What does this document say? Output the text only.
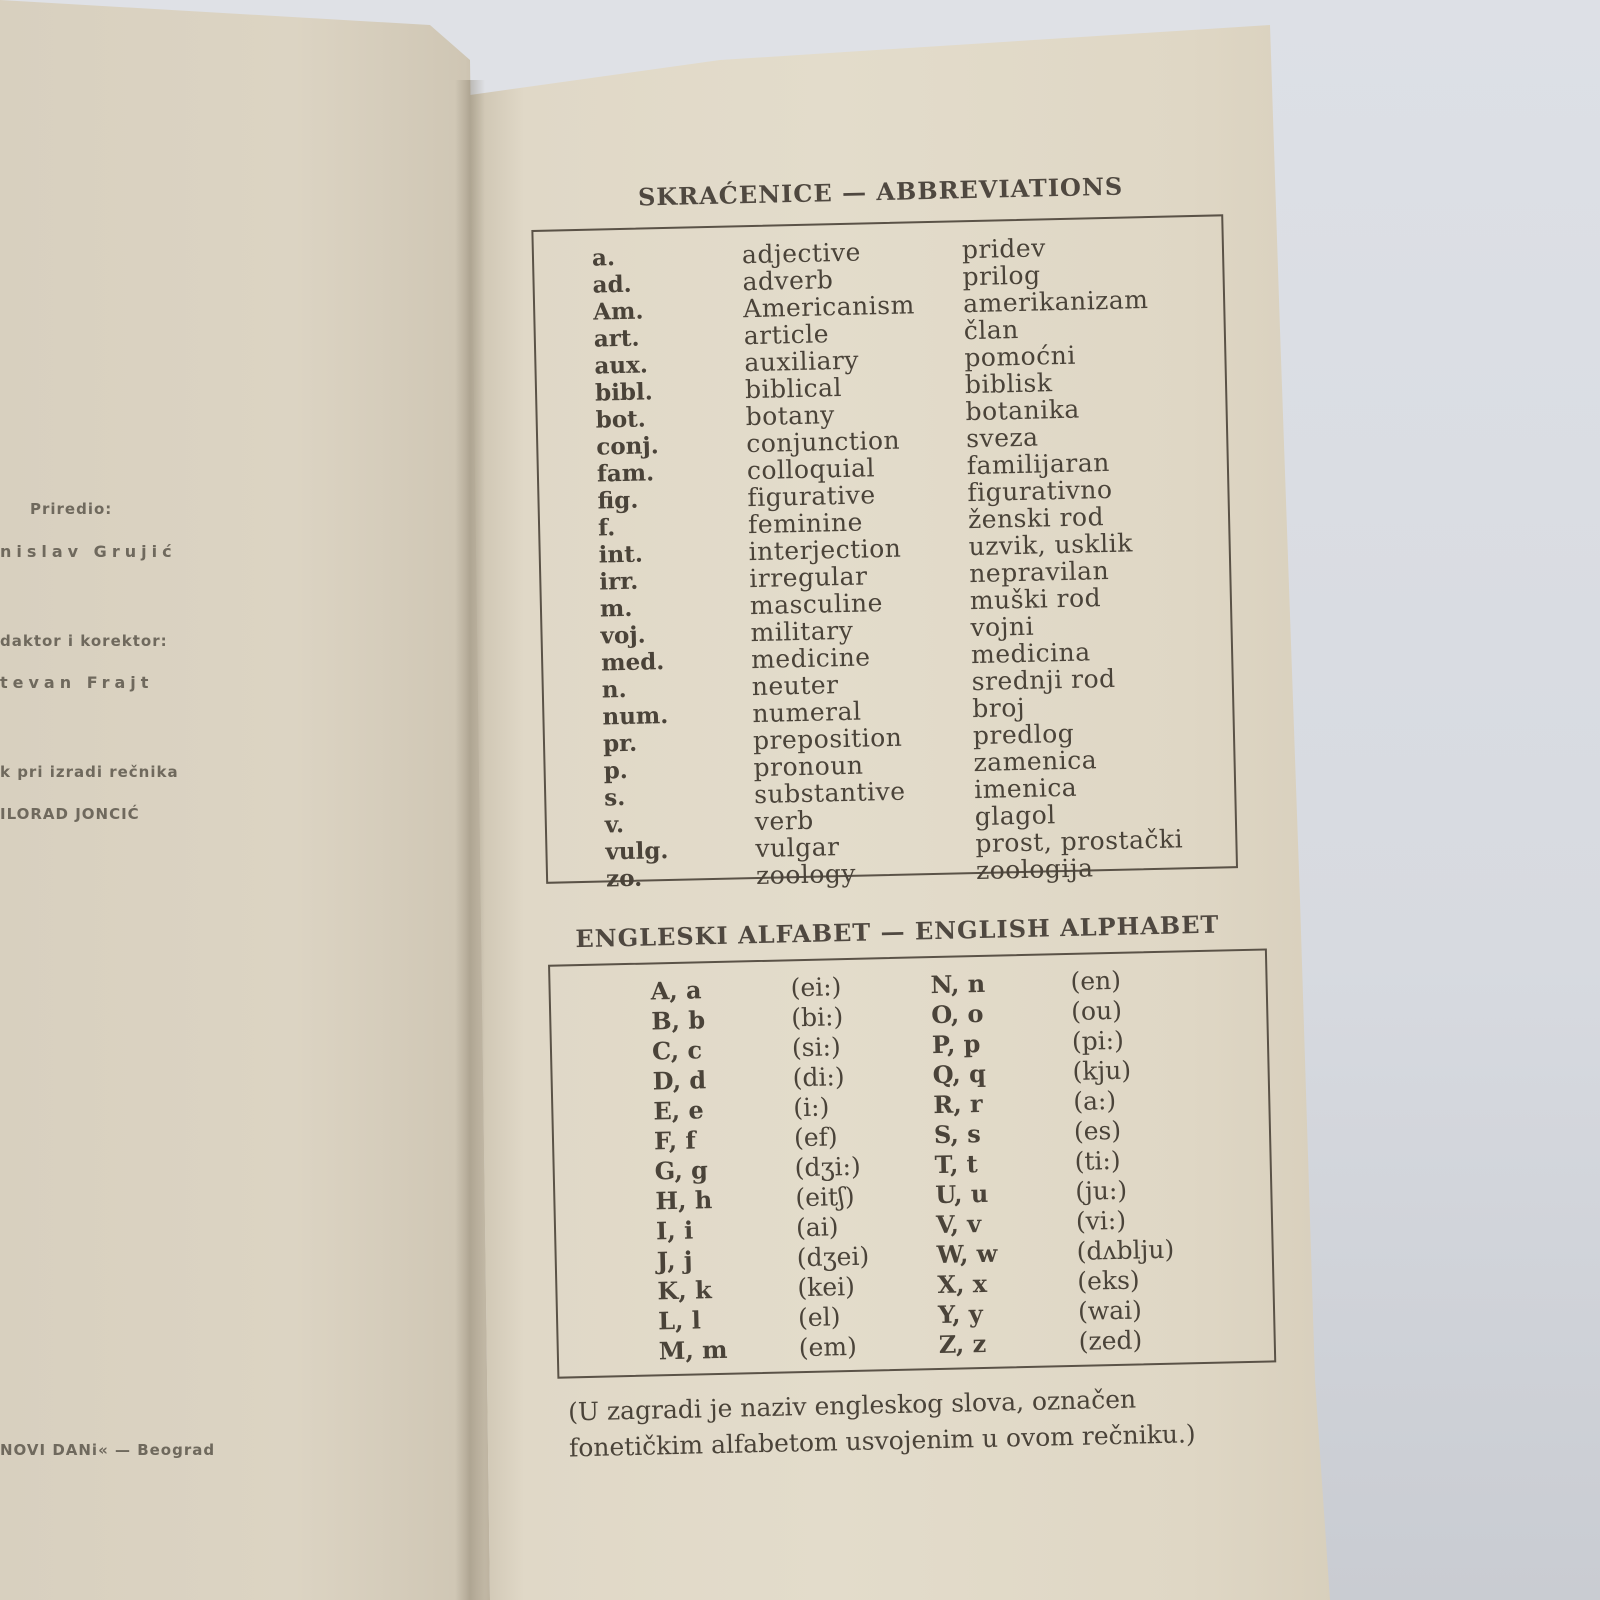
Priredio:
nislav Grujić
daktor i korektor:
tevan Frajt
k pri izradi rečnika
ILORAD JONCIĆ
NOVI DANi« — Beograd
SKRAĆENICE — ABBREVIATIONS
a.	adjective	pridev
ad.	adverb	prilog
Am.	Americanism	amerikanizam
art.	article	član
aux.	auxiliary	pomoćni
bibl.	biblical	biblisk
bot.	botany	botanika
conj.	conjunction	sveza
fam.	colloquial	familijaran
fig.	figurative	figurativno
f.	feminine	ženski rod
int.	interjection	uzvik, usklik
irr.	irregular	nepravilan
m.	masculine	muški rod
voj.	military	vojni
med.	medicine	medicina
n.	neuter	srednji rod
num.	numeral	broj
pr.	preposition	predlog
p.	pronoun	zamenica
s.	substantive	imenica
v.	verb	glagol
vulg.	vulgar	prost, prostački
zo.	zoology	zoologija
ENGLESKI ALFABET — ENGLISH ALPHABET
A, a	(ei:)	N, n	(en)
B, b	(bi:)	O, o	(ou)
C, c	(si:)	P, p	(pi:)
D, d	(di:)	Q, q	(kju)
E, e	(i:)	R, r	(a:)
F, f	(ef)	S, s	(es)
G, g	(dʒi:)	T, t	(ti:)
H, h	(eitʃ)	U, u	(ju:)
I, i	(ai)	V, v	(vi:)
J, j	(dʒei)	W, w	(dʌblju)
K, k	(kei)	X, x	(eks)
L, l	(el)	Y, y	(wai)
M, m	(em)	Z, z	(zed)
(U zagradi je naziv engleskog slova, označen fonetičkim alfabetom usvojenim u ovom rečniku.)
